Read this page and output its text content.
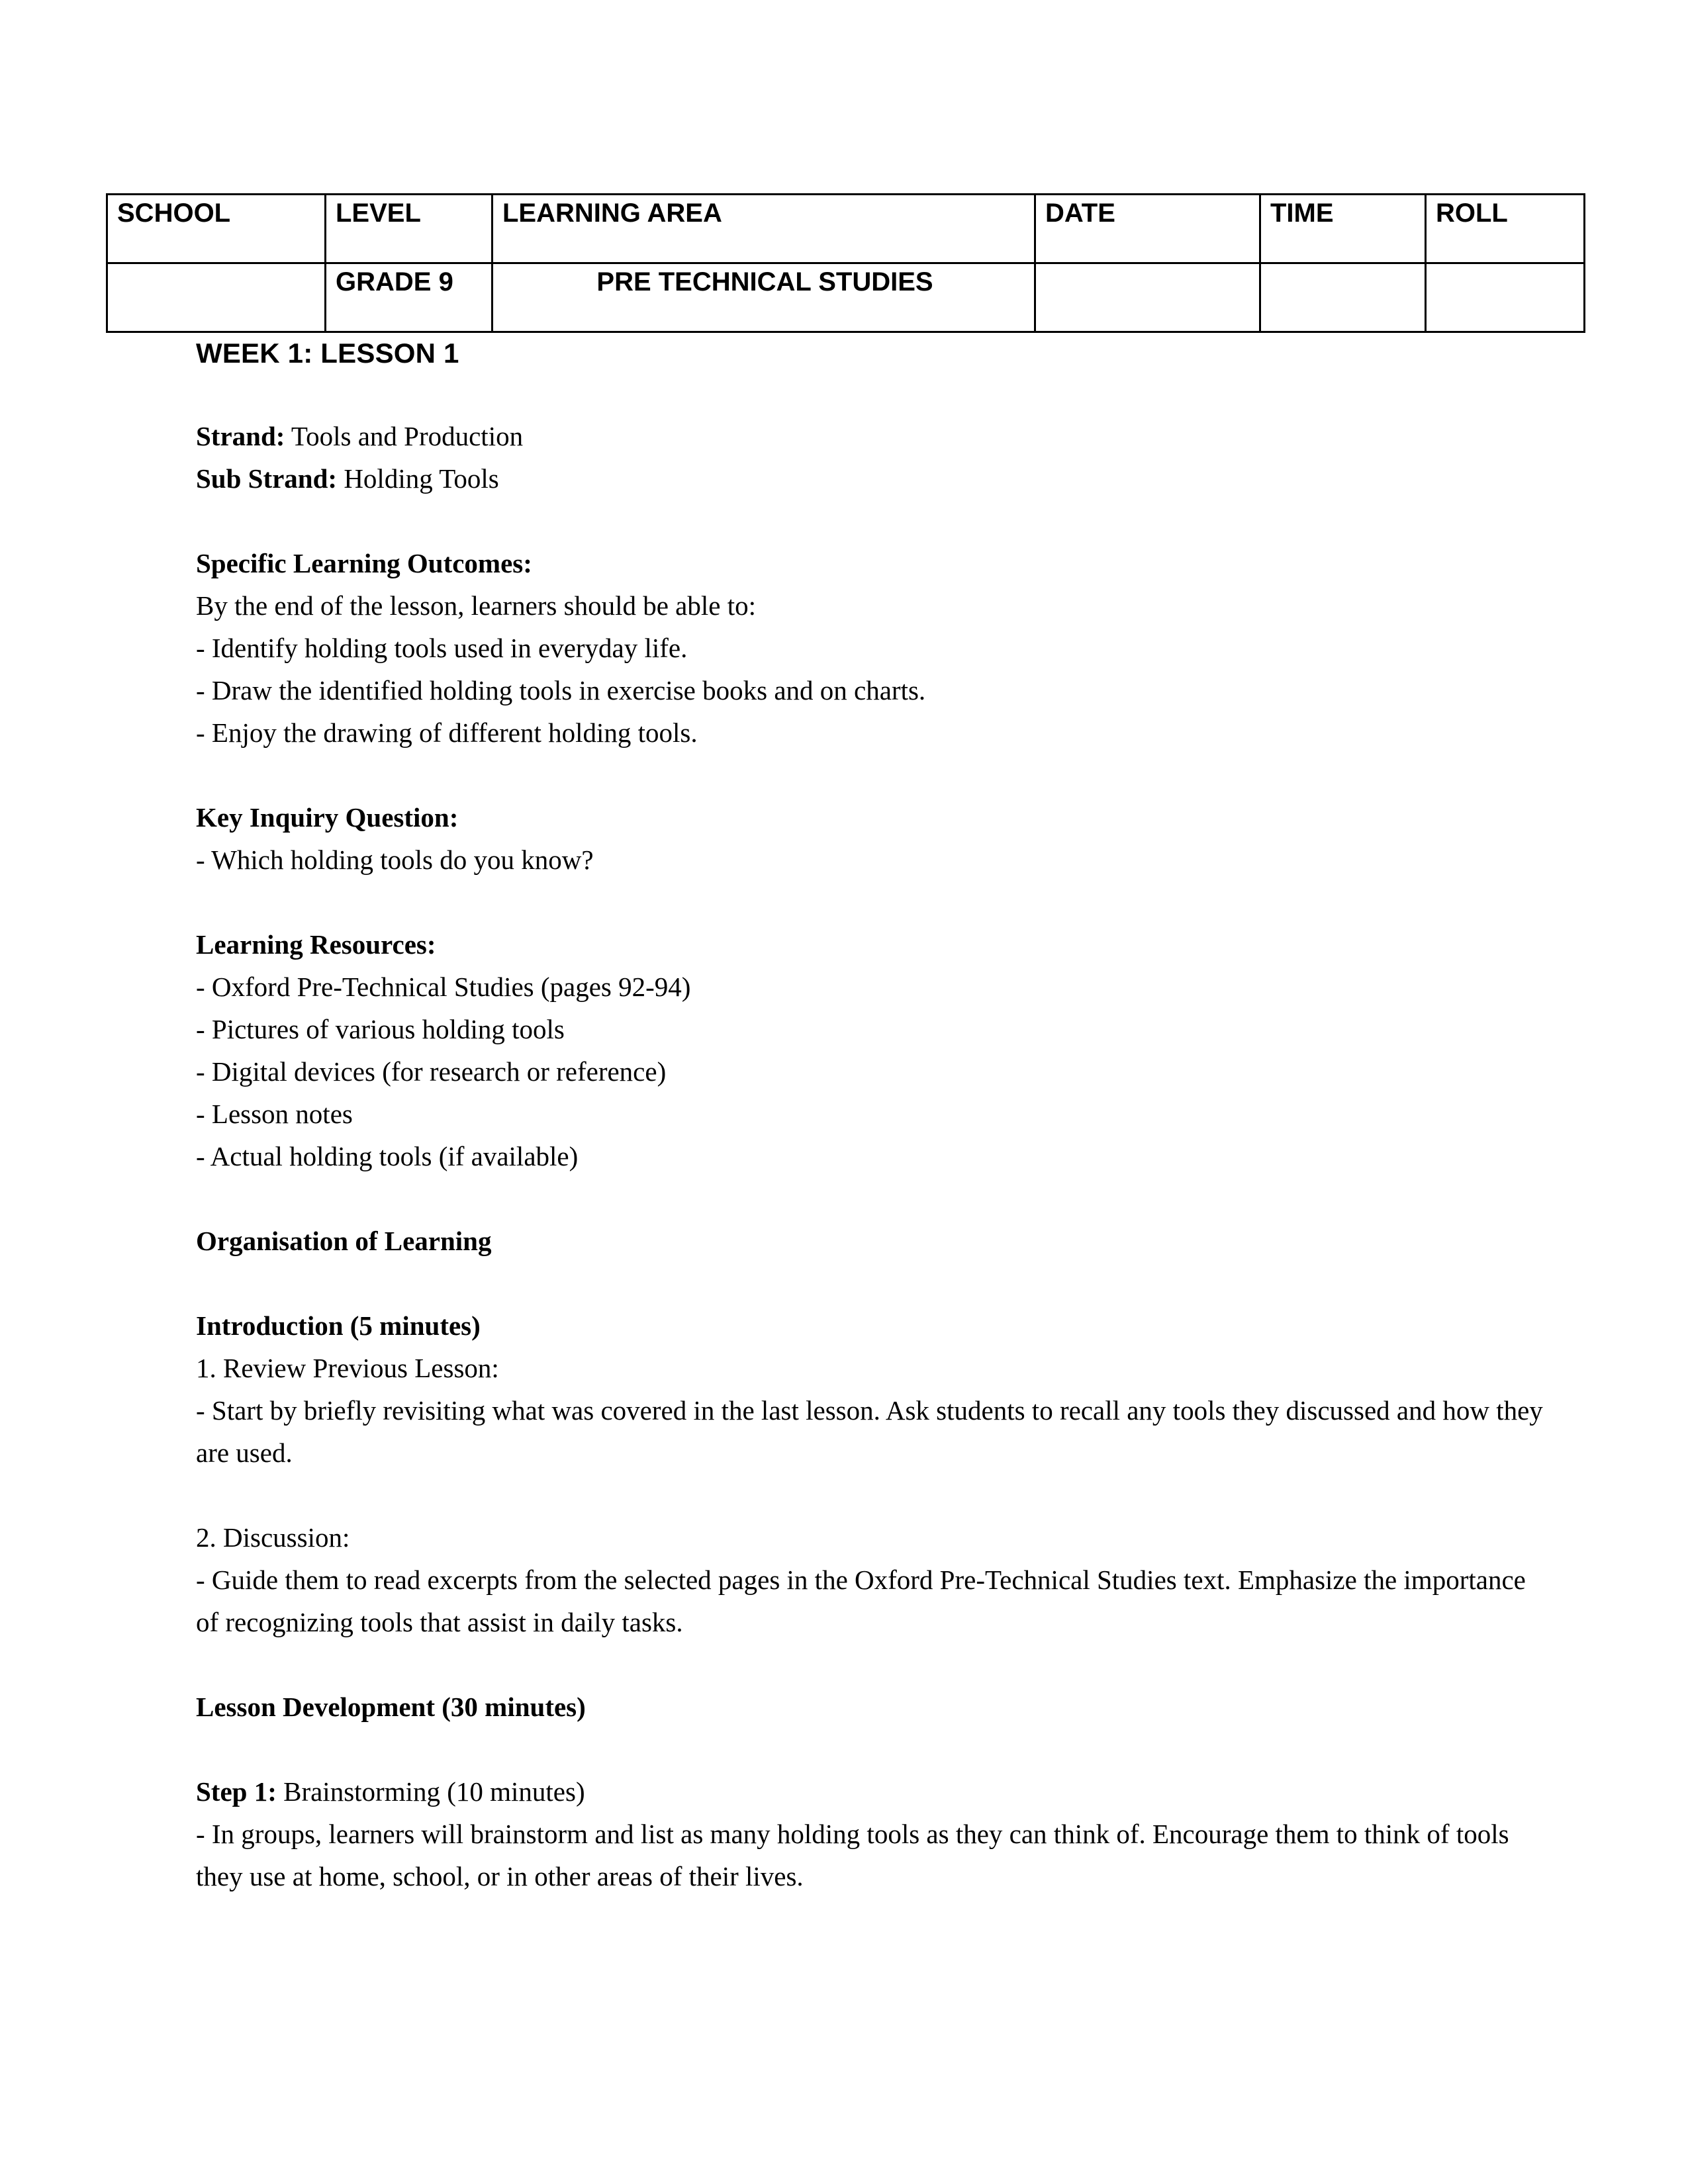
SCHOOL	LEVEL	LEARNING AREA	DATE	TIME	ROLL
	GRADE 9	PRE TECHNICAL STUDIES			
WEEK 1: LESSON 1

Strand: Tools and Production

Sub Strand: Holding Tools

Specific Learning Outcomes:

By the end of the lesson, learners should be able to:

- Identify holding tools used in everyday life.

- Draw the identified holding tools in exercise books and on charts.

- Enjoy the drawing of different holding tools.

Key Inquiry Question:

- Which holding tools do you know?

Learning Resources:

- Oxford Pre-Technical Studies (pages 92-94)

- Pictures of various holding tools

- Digital devices (for research or reference)

- Lesson notes

- Actual holding tools (if available)

Organisation of Learning
Introduction (5 minutes)

1. Review Previous Lesson:

- Start by briefly revisiting what was covered in the last lesson. Ask students to recall any tools they discussed and how they are used.

2. Discussion:

- Guide them to read excerpts from the selected pages in the Oxford Pre-Technical Studies text. Emphasize the importance of recognizing tools that assist in daily tasks.

Lesson Development (30 minutes)

Step 1: Brainstorming (10 minutes)

- In groups, learners will brainstorm and list as many holding tools as they can think of. Encourage them to think of tools they use at home, school, or in other areas of their lives.
